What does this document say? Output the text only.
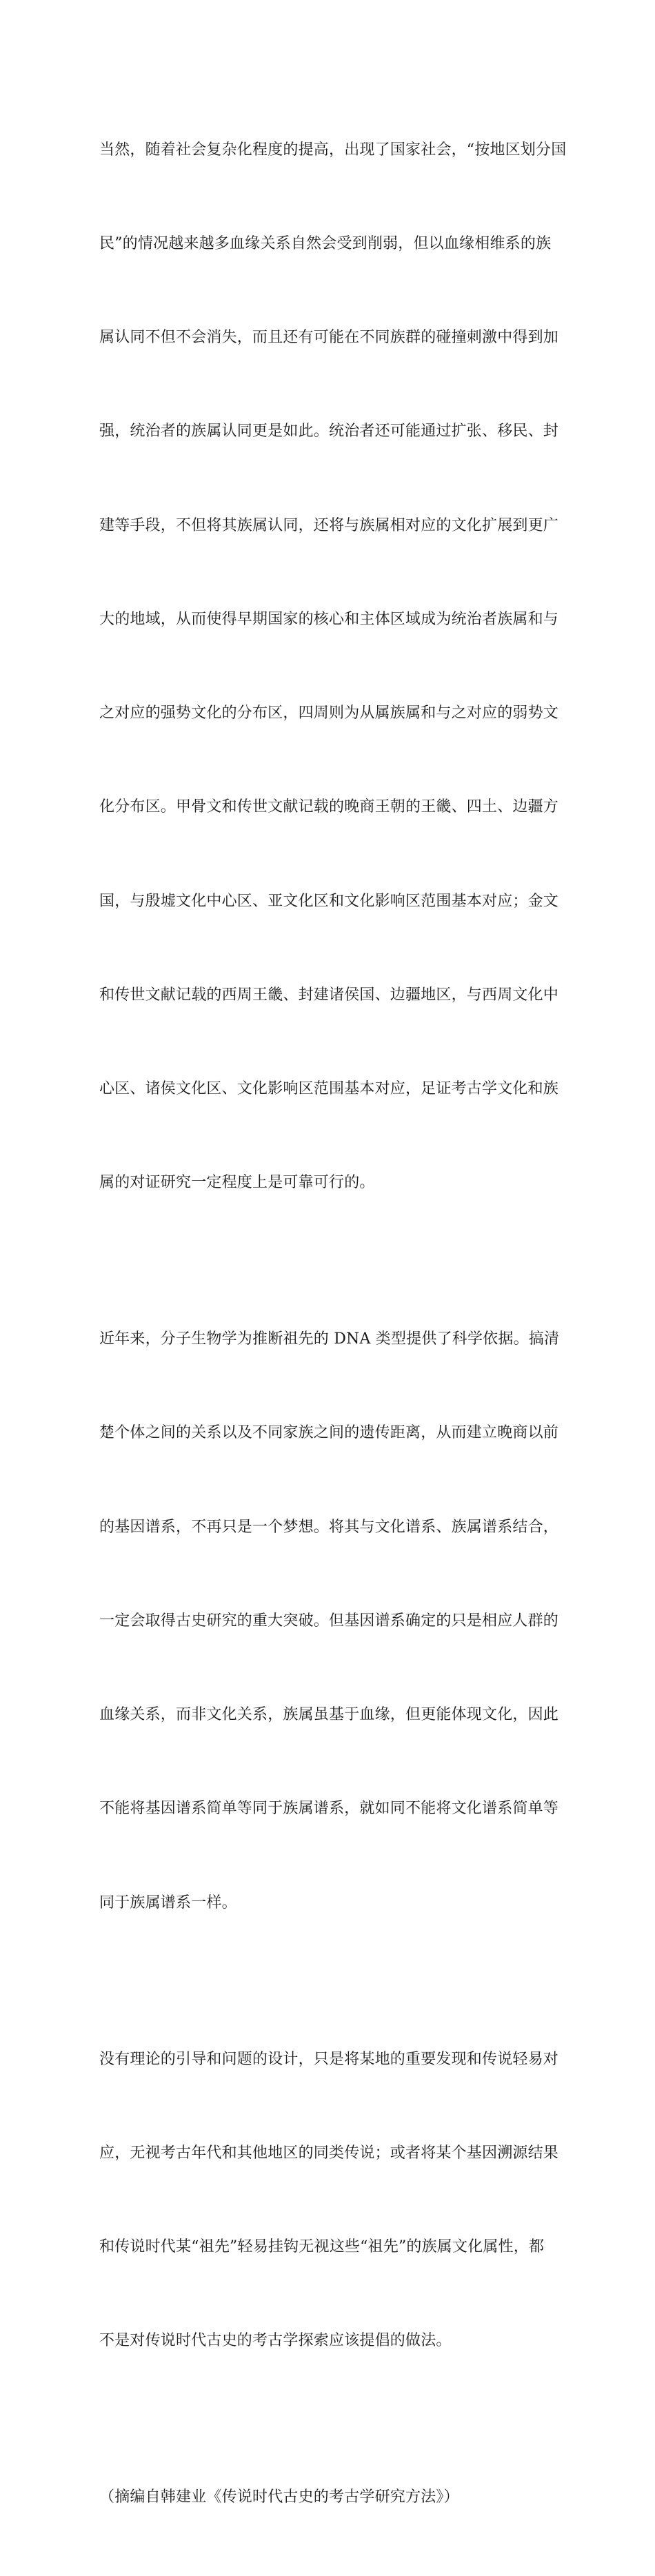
当然，随着社会复杂化程度的提高，出现了国家社会，“按地区划分国

民”的情况越来越多血缘关系自然会受到削弱，但以血缘相维系的族

属认同不但不会消失，而且还有可能在不同族群的碰撞刺激中得到加

强，统治者的族属认同更是如此。统治者还可能通过扩张、移民、封

建等手段，不但将其族属认同，还将与族属相对应的文化扩展到更广

大的地域，从而使得早期国家的核心和主体区域成为统治者族属和与

之对应的强势文化的分布区，四周则为从属族属和与之对应的弱势文

化分布区。甲骨文和传世文献记载的晚商王朝的王畿、四土、边疆方

国，与殷墟文化中心区、亚文化区和文化影响区范围基本对应；金文

和传世文献记载的西周王畿、封建诸侯国、边疆地区，与西周文化中

心区、诸侯文化区、文化影响区范围基本对应，足证考古学文化和族

属的对证研究一定程度上是可靠可行的。

近年来，分子生物学为推断祖先的 DNA 类型提供了科学依据。搞清

楚个体之间的关系以及不同家族之间的遗传距离，从而建立晚商以前

的基因谱系，不再只是一个梦想。将其与文化谱系、族属谱系结合，

一定会取得古史研究的重大突破。但基因谱系确定的只是相应人群的

血缘关系，而非文化关系，族属虽基于血缘，但更能体现文化，因此

不能将基因谱系简单等同于族属谱系，就如同不能将文化谱系简单等

同于族属谱系一样。

没有理论的引导和问题的设计，只是将某地的重要发现和传说轻易对

应，无视考古年代和其他地区的同类传说；或者将某个基因溯源结果

和传说时代某“祖先”轻易挂钩无视这些“祖先”的族属文化属性，都

不是对传说时代古史的考古学探索应该提倡的做法。

（摘编自韩建业《传说时代古史的考古学研究方法》）
